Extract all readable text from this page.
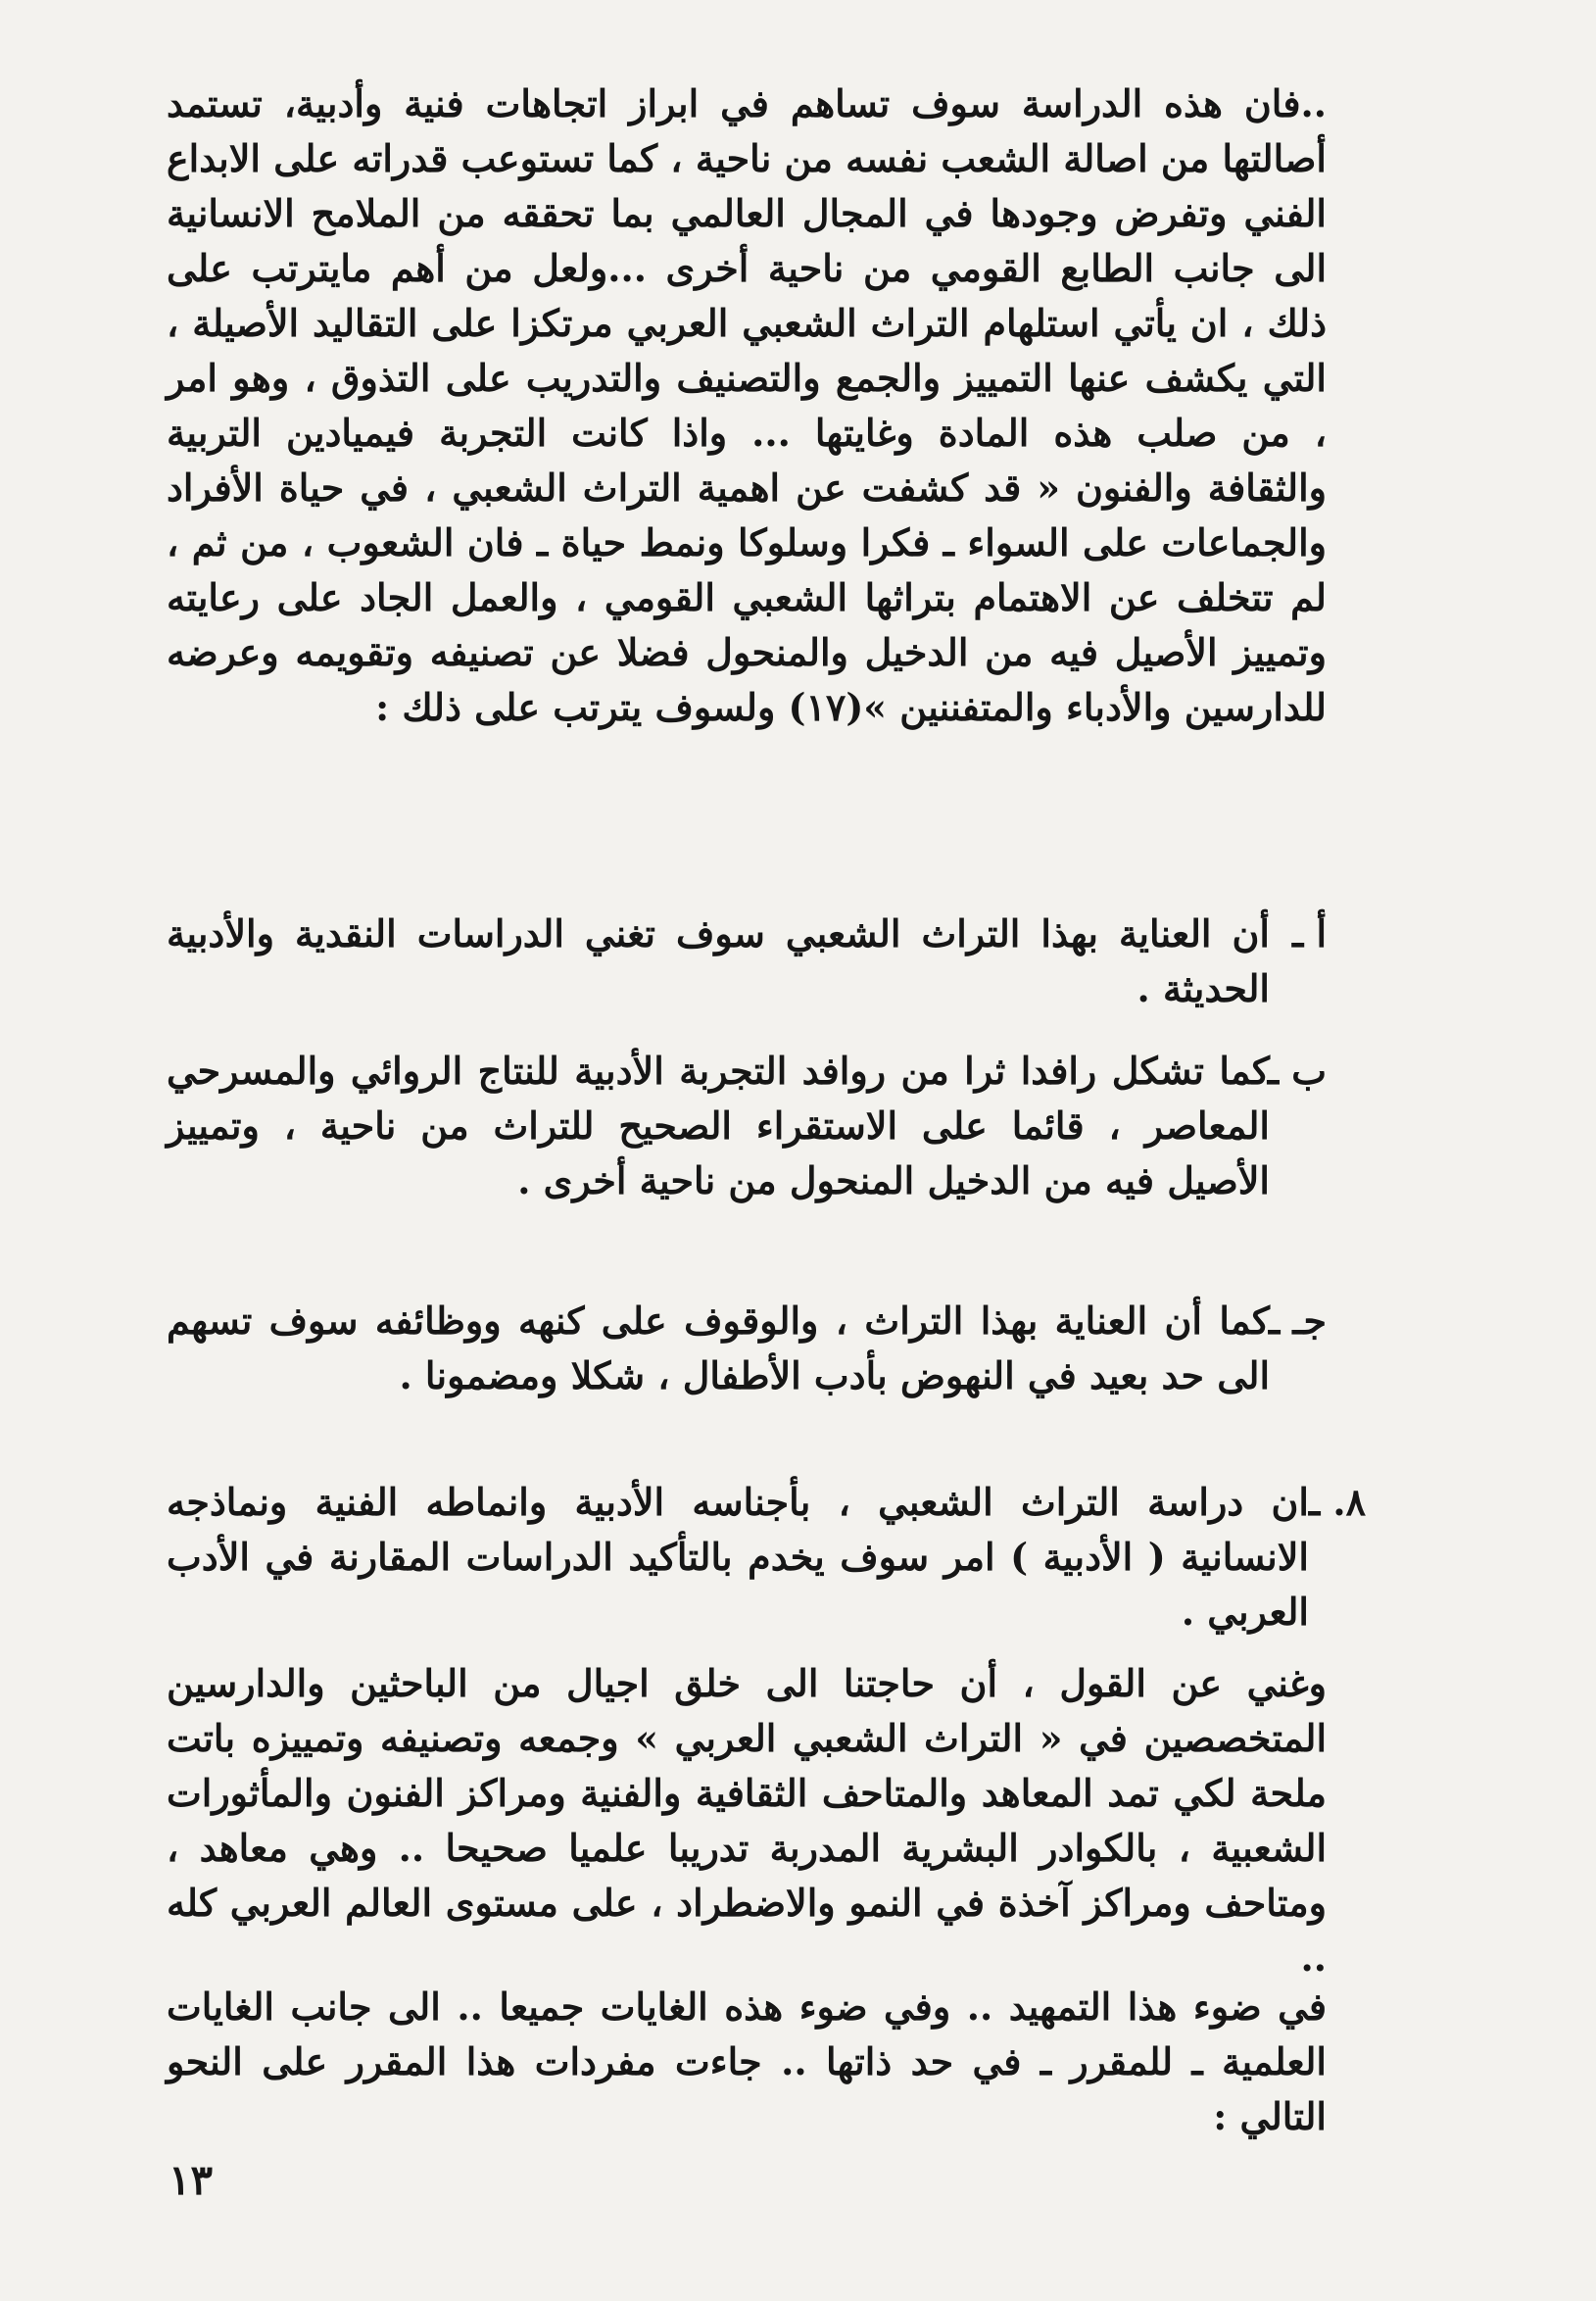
..فان هذه الدراسة سوف تساهم في ابراز اتجاهات فنية وأدبية، تستمد أصالتها من اصالة الشعب نفسه من ناحية ، كما تستوعب قدراته على الابداع الفني وتفرض وجودها في المجال العالمي بما تحققه من الملامح الانسانية الى جانب الطابع القومي من ناحية أخرى ...ولعل من أهم مايترتب على ذلك ، ان يأتي استلهام التراث الشعبي العربي مرتكزا على التقاليد الأصيلة ، التي يكشف عنها التمييز والجمع والتصنيف والتدريب على التذوق ، وهو امر ، من صلب هذه المادة وغايتها ... واذا كانت التجربة فيميادين التربية والثقافة والفنون « قد كشفت عن اهمية التراث الشعبي ، في حياة الأفراد والجماعات على السواء ـ فكرا وسلوكا ونمط حياة ـ فان الشعوب ، من ثم ، لم تتخلف عن الاهتمام بتراثها الشعبي القومي ، والعمل الجاد على رعايته وتمييز الأصيل فيه من الدخيل والمنحول فضلا عن تصنيفه وتقويمه وعرضه للدارسين والأدباء والمتفننين »(١٧) ولسوف يترتب على ذلك :

أ ـ
أن العناية بهذا التراث الشعبي سوف تغني الدراسات النقدية والأدبية الحديثة .
ب ـ
كما تشكل رافدا ثرا من روافد التجربة الأدبية للنتاج الروائي والمسرحي المعاصر ، قائما على الاستقراء الصحيح للتراث من ناحية ، وتمييز الأصيل فيه من الدخيل المنحول من ناحية أخرى .
جـ ـ
كما أن العناية بهذا التراث ، والوقوف على كنهه ووظائفه سوف تسهم الى حد بعيد في النهوض بأدب الأطفال ، شكلا ومضمونا .
٨. ـ
ان دراسة التراث الشعبي ، بأجناسه الأدبية وانماطه الفنية ونماذجه الانسانية ( الأدبية ) امر سوف يخدم بالتأكيد الدراسات المقارنة في الأدب العربي .

وغني عن القول ، أن حاجتنا الى خلق اجيال من الباحثين والدارسين المتخصصين في « التراث الشعبي العربي » وجمعه وتصنيفه وتمييزه باتت ملحة لكي تمد المعاهد والمتاحف الثقافية والفنية ومراكز الفنون والمأثورات الشعبية ، بالكوادر البشرية المدربة تدريبا علميا صحيحا .. وهي معاهد ، ومتاحف ومراكز آخذة في النمو والاضطراد ، على مستوى العالم العربي كله ..

في ضوء هذا التمهيد .. وفي ضوء هذه الغايات جميعا .. الى جانب الغايات العلمية ـ للمقرر ـ في حد ذاتها .. جاءت مفردات هذا المقرر على النحو التالي :

١٣
